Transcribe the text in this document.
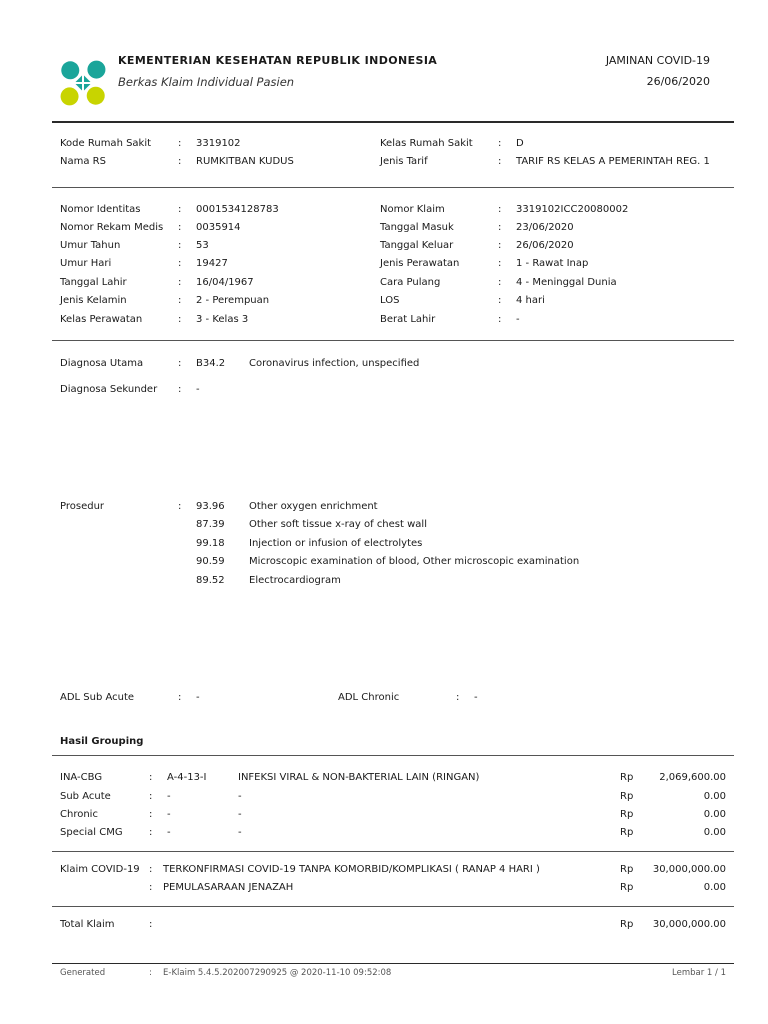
KEMENTERIAN KESEHATAN REPUBLIK INDONESIA
Berkas Klaim Individual Pasien
JAMINAN COVID-19
26/06/2020
Kode Rumah Sakit	: 3319102
Nama RS	: RUMKITBAN KUDUS
Kelas Rumah Sakit	: D
Jenis Tarif	: TARIF RS KELAS A PEMERINTAH REG. 1
Nomor Identitas	: 0001534128783
Nomor Rekam Medis : 0035914
Umur Tahun	: 53
Umur Hari	: 19427
Tanggal Lahir	: 16/04/1967
Jenis Kelamin	: 2 - Perempuan
Kelas Perawatan	: 3 - Kelas 3
Nomor Klaim	: 3319102ICC20080002
Tanggal Masuk	: 23/06/2020
Tanggal Keluar	: 26/06/2020
Jenis Perawatan	: 1 - Rawat Inap
Cara Pulang	: 4 - Meninggal Dunia
LOS	: 4 hari
Berat Lahir	: -
Diagnosa Utama	: B34.2 Coronavirus infection, unspecified
Diagnosa Sekunder : -
Prosedur	: 93.96 Other oxygen enrichment
87.39 Other soft tissue x-ray of chest wall
99.18 Injection or infusion of electrolytes
90.59 Microscopic examination of blood, Other microscopic examination
89.52 Electrocardiogram
ADL Sub Acute	: -	ADL Chronic	: -
Hasil Grouping
INA-CBG	: A-4-13-I	INFEKSI VIRAL & NON-BAKTERIAL LAIN (RINGAN)	Rp	2,069,600.00
Sub Acute	: -	-	Rp	0.00
Chronic	: -	-	Rp	0.00
Special CMG	: -	-	Rp	0.00
Klaim COVID-19 : TERKONFIRMASI COVID-19 TANPA KOMORBID/KOMPLIKASI ( RANAP 4 HARI )	Rp 30,000,000.00
: PEMULASARAAN JENAZAH	Rp	0.00
Total Klaim	:	Rp 30,000,000.00
Generated	: E-Klaim 5.4.5.202007290925 @ 2020-11-10 09:52:08	Lembar 1 / 1
